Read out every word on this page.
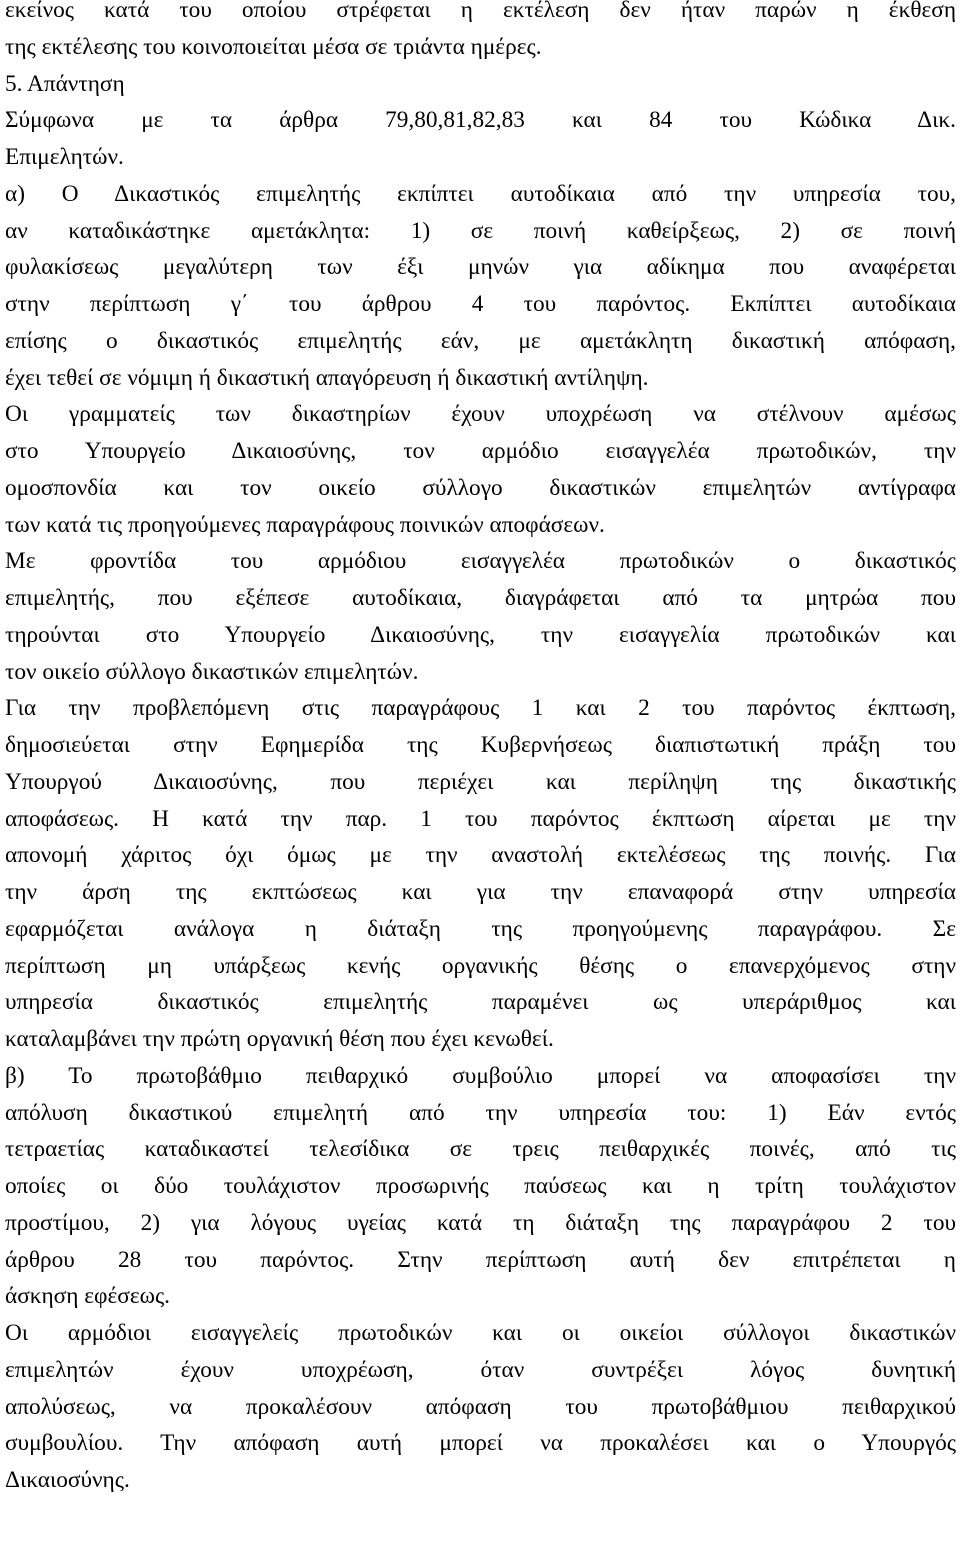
εκείνος κατά του οποίου στρέφεται η εκτέλεση δεν ήταν παρών η έκθεση

της εκτέλεσης του κοινοποιείται μέσα σε τριάντα ημέρες.

5. Απάντηση

Σύμφωνα με τα άρθρα 79,80,81,82,83 και 84 του Κώδικα Δικ.

Επιμελητών.

α) Ο Δικαστικός επιμελητής εκπίπτει αυτοδίκαια από την υπηρεσία του,

αν καταδικάστηκε αμετάκλητα: 1) σε ποινή καθείρξεως, 2) σε ποινή

φυλακίσεως μεγαλύτερη των έξι μηνών για αδίκημα που αναφέρεται

στην περίπτωση γ΄ του άρθρου 4 του παρόντος. Εκπίπτει αυτοδίκαια

επίσης ο δικαστικός επιμελητής εάν, με αμετάκλητη δικαστική απόφαση,

έχει τεθεί σε νόμιμη ή δικαστική απαγόρευση ή δικαστική αντίληψη.

Οι γραμματείς των δικαστηρίων έχουν υποχρέωση να στέλνουν αμέσως

στο Υπουργείο Δικαιοσύνης, τον αρμόδιο εισαγγελέα πρωτοδικών, την

ομοσπονδία και τον οικείο σύλλογο δικαστικών επιμελητών αντίγραφα

των κατά τις προηγούμενες παραγράφους ποινικών αποφάσεων.

Με φροντίδα του αρμόδιου εισαγγελέα πρωτοδικών ο δικαστικός

επιμελητής, που εξέπεσε αυτοδίκαια, διαγράφεται από τα μητρώα που

τηρούνται στο Υπουργείο Δικαιοσύνης, την εισαγγελία πρωτοδικών και

τον οικείο σύλλογο δικαστικών επιμελητών.

Για την προβλεπόμενη στις παραγράφους 1 και 2 του παρόντος έκπτωση,

δημοσιεύεται στην Εφημερίδα της Κυβερνήσεως διαπιστωτική πράξη του

Υπουργού Δικαιοσύνης, που περιέχει και περίληψη της δικαστικής

αποφάσεως. Η κατά την παρ. 1 του παρόντος έκπτωση αίρεται με την

απονομή χάριτος όχι όμως με την αναστολή εκτελέσεως της ποινής. Για

την άρση της εκπτώσεως και για την επαναφορά στην υπηρεσία

εφαρμόζεται ανάλογα η διάταξη της προηγούμενης παραγράφου. Σε

περίπτωση μη υπάρξεως κενής οργανικής θέσης ο επανερχόμενος στην

υπηρεσία δικαστικός επιμελητής παραμένει ως υπεράριθμος και

καταλαμβάνει την πρώτη οργανική θέση που έχει κενωθεί.

β) Το πρωτοβάθμιο πειθαρχικό συμβούλιο μπορεί να αποφασίσει την

απόλυση δικαστικού επιμελητή από την υπηρεσία του: 1) Εάν εντός

τετραετίας καταδικαστεί τελεσίδικα σε τρεις πειθαρχικές ποινές, από τις

οποίες οι δύο τουλάχιστον προσωρινής παύσεως και η τρίτη τουλάχιστον

προστίμου, 2) για λόγους υγείας κατά τη διάταξη της παραγράφου 2 του

άρθρου 28 του παρόντος. Στην περίπτωση αυτή δεν επιτρέπεται η

άσκηση εφέσεως.

Οι αρμόδιοι εισαγγελείς πρωτοδικών και οι οικείοι σύλλογοι δικαστικών

επιμελητών έχουν υποχρέωση, όταν συντρέξει λόγος δυνητική

απολύσεως, να προκαλέσουν απόφαση του πρωτοβάθμιου πειθαρχικού

συμβουλίου. Την απόφαση αυτή μπορεί να προκαλέσει και ο Υπουργός

Δικαιοσύνης.
